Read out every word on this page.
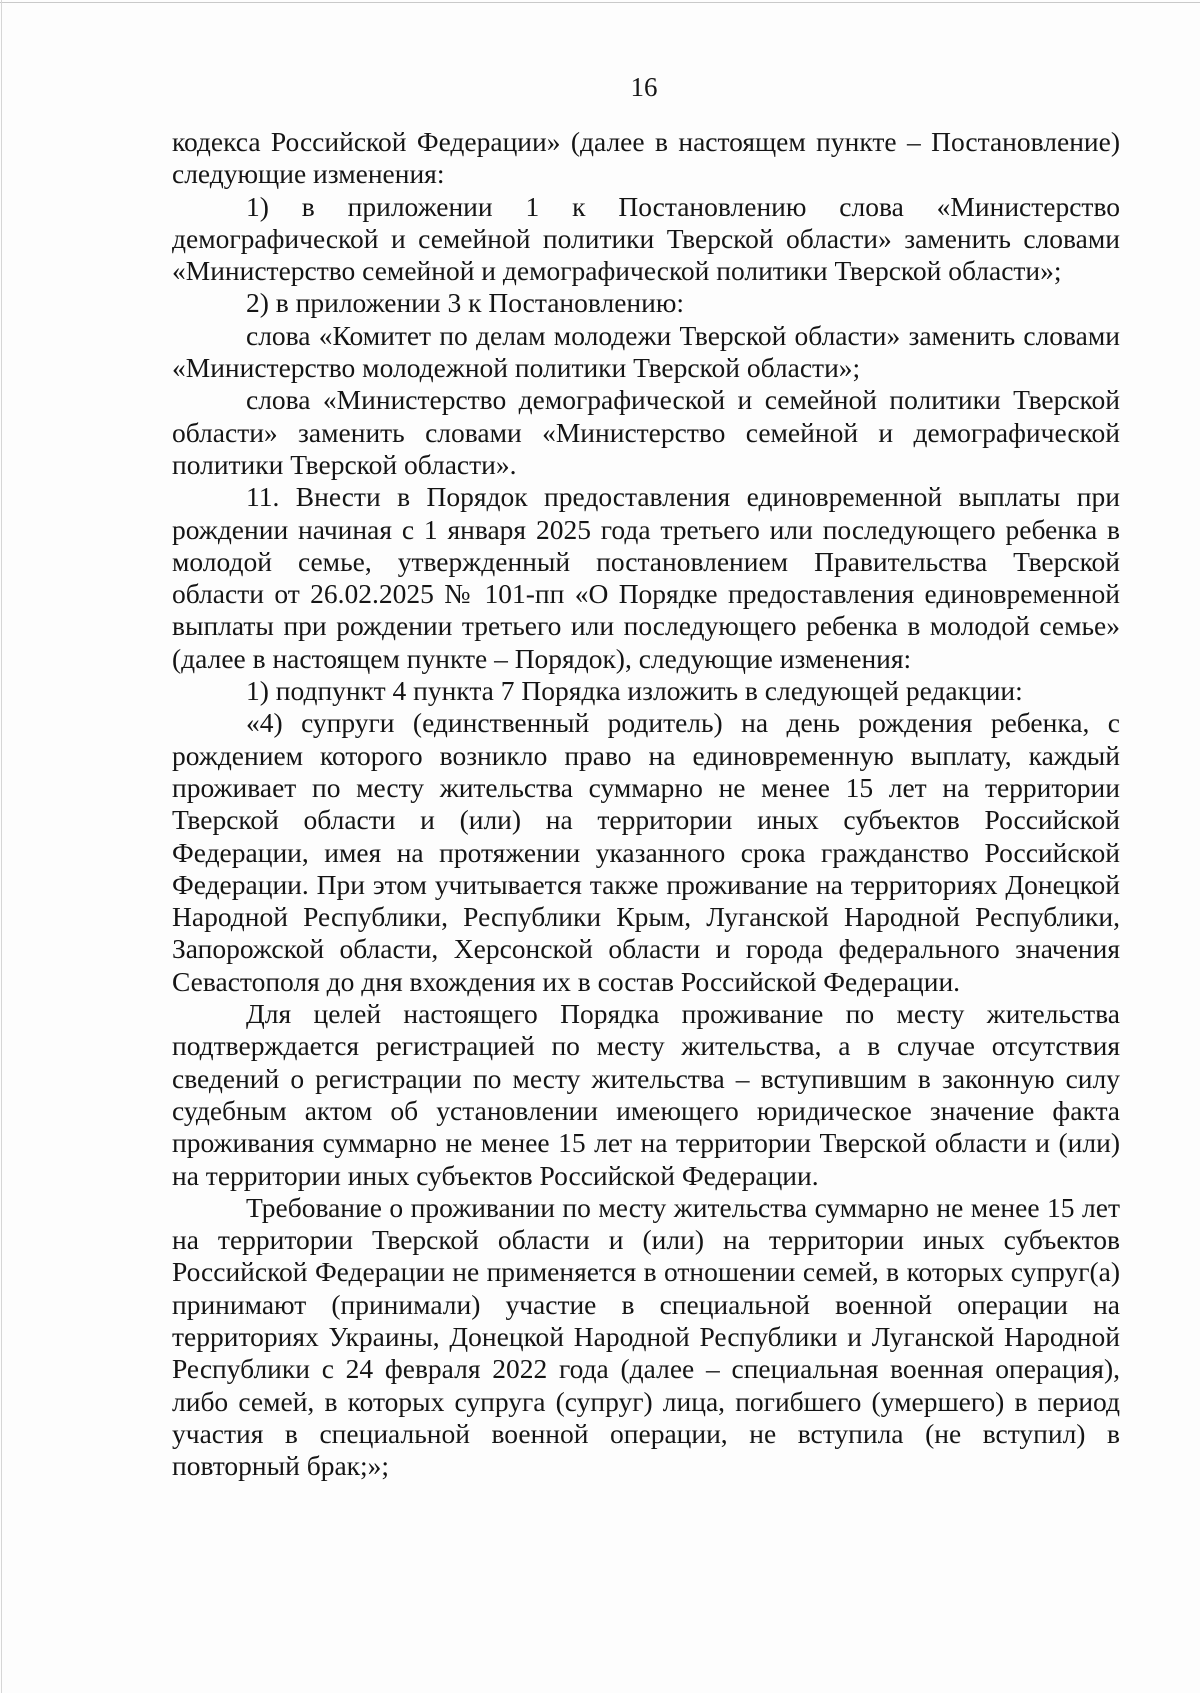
16

кодекса Российской Федерации» (далее в настоящем пункте – Постановление) следующие изменения:

1) в приложении 1 к Постановлению слова «Министерство демографической и семейной политики Тверской области» заменить словами «Министерство семейной и демографической политики Тверской области»;

2) в приложении 3 к Постановлению:

слова «Комитет по делам молодежи Тверской области» заменить словами «Министерство молодежной политики Тверской области»;

слова «Министерство демографической и семейной политики Тверской области» заменить словами «Министерство семейной и демографической политики Тверской области».

11. Внести в Порядок предоставления единовременной выплаты при рождении начиная с 1 января 2025 года третьего или последующего ребенка в молодой семье, утвержденный постановлением Правительства Тверской области от 26.02.2025 № 101-пп «О Порядке предоставления единовременной выплаты при рождении третьего или последующего ребенка в молодой семье» (далее в настоящем пункте – Порядок), следующие изменения:

1) подпункт 4 пункта 7 Порядка изложить в следующей редакции:

«4) супруги (единственный родитель) на день рождения ребенка, с рождением которого возникло право на единовременную выплату, каждый проживает по месту жительства суммарно не менее 15 лет на территории Тверской области и (или) на территории иных субъектов Российской Федерации, имея на протяжении указанного срока гражданство Российской Федерации. При этом учитывается также проживание на территориях Донецкой Народной Республики, Республики Крым, Луганской Народной Республики, Запорожской области, Херсонской области и города федерального значения Севастополя до дня вхождения их в состав Российской Федерации.

Для целей настоящего Порядка проживание по месту жительства подтверждается регистрацией по месту жительства, а в случае отсутствия сведений о регистрации по месту жительства – вступившим в законную силу судебным актом об установлении имеющего юридическое значение факта проживания суммарно не менее 15 лет на территории Тверской области и (или) на территории иных субъектов Российской Федерации.

Требование о проживании по месту жительства суммарно не менее 15 лет на территории Тверской области и (или) на территории иных субъектов Российской Федерации не применяется в отношении семей, в которых супруг(а) принимают (принимали) участие в специальной военной операции на территориях Украины, Донецкой Народной Республики и Луганской Народной Республики с 24 февраля 2022 года (далее – специальная военная операция), либо семей, в которых супруга (супруг) лица, погибшего (умершего) в период участия в специальной военной операции, не вступила (не вступил) в повторный брак;»;
